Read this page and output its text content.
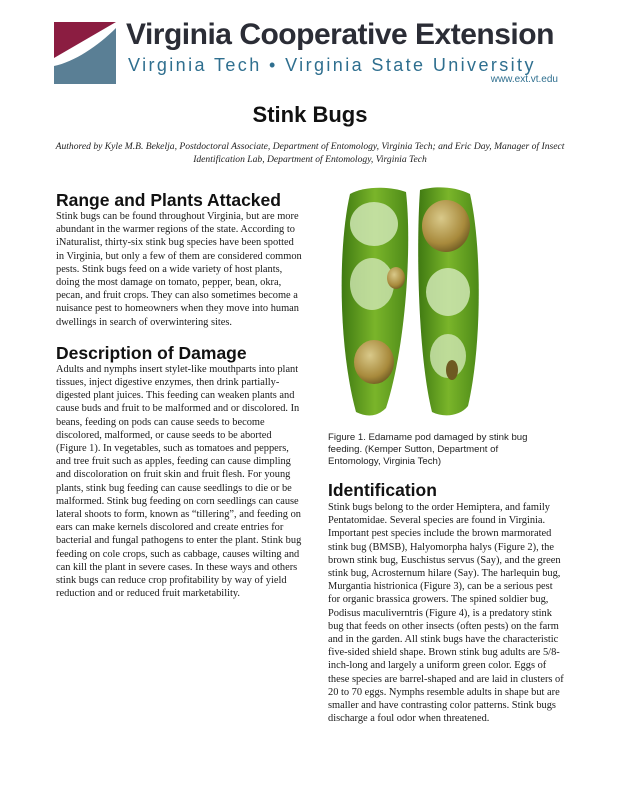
Virginia Cooperative Extension
Virginia Tech • Virginia State University
www.ext.vt.edu
Stink Bugs
Authored by Kyle M.B. Bekelja, Postdoctoral Associate, Department of Entomology, Virginia Tech; and Eric Day, Manager of Insect Identification Lab, Department of Entomology, Virginia Tech
Range and Plants Attacked

Stink bugs can be found throughout Virginia, but are more abundant in the warmer regions of the state. According to iNaturalist, thirty-six stink bug species have been spotted in Virginia, but only a few of them are considered common pests. Stink bugs feed on a wide variety of host plants, doing the most damage on tomato, pepper, bean, okra, pecan, and fruit crops. They can also sometimes become a nuisance pest to homeowners when they move into human dwellings in search of overwintering sites.

Description of Damage

Adults and nymphs insert stylet-like mouthparts into plant tissues, inject digestive enzymes, then drink partially-digested plant juices. This feeding can weaken plants and cause buds and fruit to be malformed and or discolored. In beans, feeding on pods can cause seeds to become discolored, malformed, or cause seeds to be aborted (Figure 1). In vegetables, such as tomatoes and peppers, and tree fruit such as apples, feeding can cause dimpling and discoloration on fruit skin and fruit flesh. For young plants, stink bug feeding can cause seedlings to die or be malformed. Stink bug feeding on corn seedlings can cause lateral shoots to form, known as “tillering”, and feeding on ears can make kernels discolored and create entries for bacterial and fungal pathogens to enter the plant. Stink bug feeding on cole crops, such as cabbage, causes wilting and can kill the plant in severe cases. In these ways and others stink bugs can reduce crop profitability by way of yield reduction and or reduced fruit marketability.

Figure 1. Edamame pod damaged by stink bug feeding. (Kemper Sutton, Department of Entomology, Virginia Tech)
Identification

Stink bugs belong to the order Hemiptera, and family Pentatomidae. Several species are found in Virginia. Important pest species include the brown marmorated stink bug (BMSB), Halyomorpha halys (Figure 2), the brown stink bug, Euschistus servus (Say), and the green stink bug, Acrosternum hilare (Say). The harlequin bug, Murgantia histrionica (Figure 3), can be a serious pest for organic brassica growers. The spined soldier bug, Podisus maculiverntris (Figure 4), is a predatory stink bug that feeds on other insects (often pests) on the farm and in the garden. All stink bugs have the characteristic five-sided shield shape. Brown stink bug adults are 5/8-inch-long and largely a uniform green color. Eggs of these species are barrel-shaped and are laid in clusters of 20 to 70 eggs. Nymphs resemble adults in shape but are smaller and have contrasting color patterns. Stink bugs discharge a foul odor when threatened.
